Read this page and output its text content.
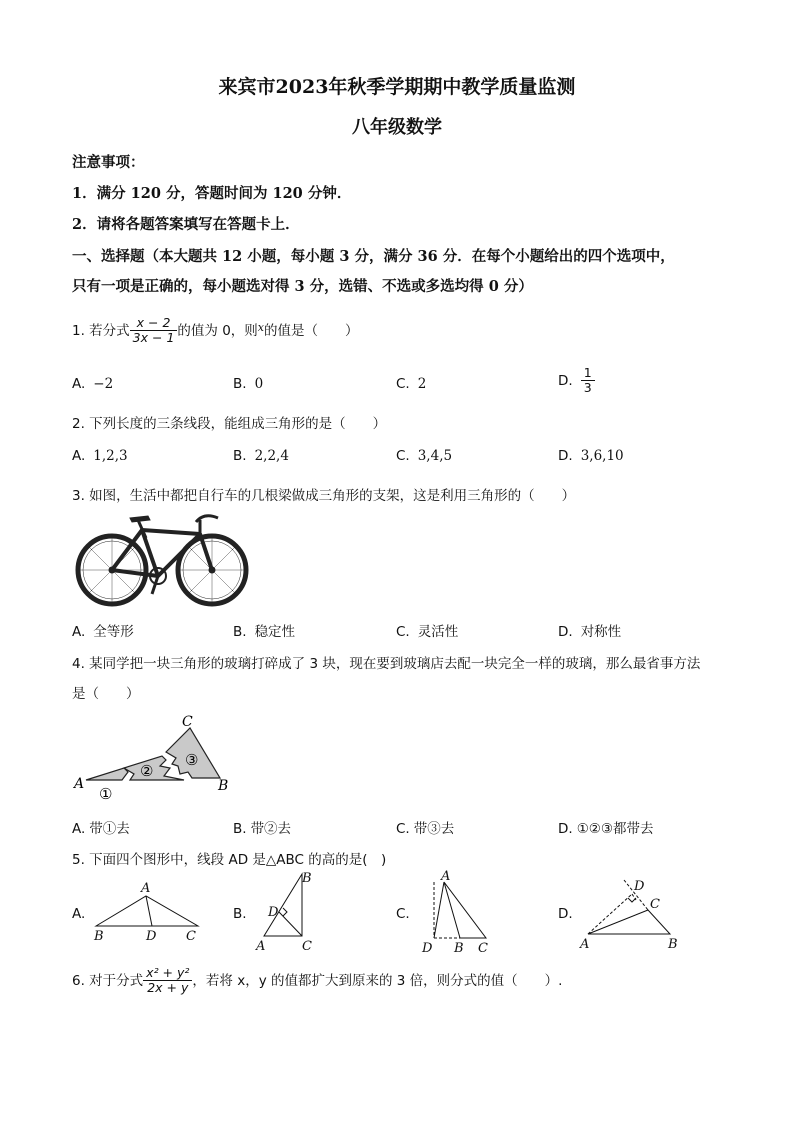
来宾市2023年秋季学期期中教学质量监测
八年级数学
注意事项：
1．满分 120 分，答题时间为 120 分钟．
2．请将各题答案填写在答题卡上．
一、选择题（本大题共 12 小题，每小题 3 分，满分 36 分．在每个小题给出的四个选项中，
只有一项是正确的，每小题选对得 3 分，选错、不选或多选均得 0 分）
1. 若分式 $\frac{x - 2}{3x - 1}$ 的值为 0，则$^x$的值是（　　）
A. −2	B. 0	C. 2	D. $\frac{1}{3}$
2. 下列长度的三条线段，能组成三角形的是（　　）
A. 1,2,3	B. 2,2,4	C. 3,4,5	D. 3,6,10
3. 如图，生活中都把自行车的几根梁做成三角形的支架，这是利用三角形的（　　）
A. 全等形	B. 稳定性	C. 灵活性	D. 对称性
4. 某同学把一块三角形的玻璃打碎成了 3 块，现在要到玻璃店去配一块完全一样的玻璃，那么最省事方法
是（　　）
A	B
C
①
②
③
A. 带①去	B. 带②去	C. 带③去	D. ①②③都带去
5. 下面四个图形中，线段 AD 是△ABC 的高的是(　)
A.
A
B	D C
B.
B
D
A	C
C.
A
D B C
D.
D
C
A	B
6. 对于分式 $\frac{\text{x² + y²}}{2x + y}$ ，若将 x，y 的值都扩大到原来的 3 倍，则分式的值（　　）.
